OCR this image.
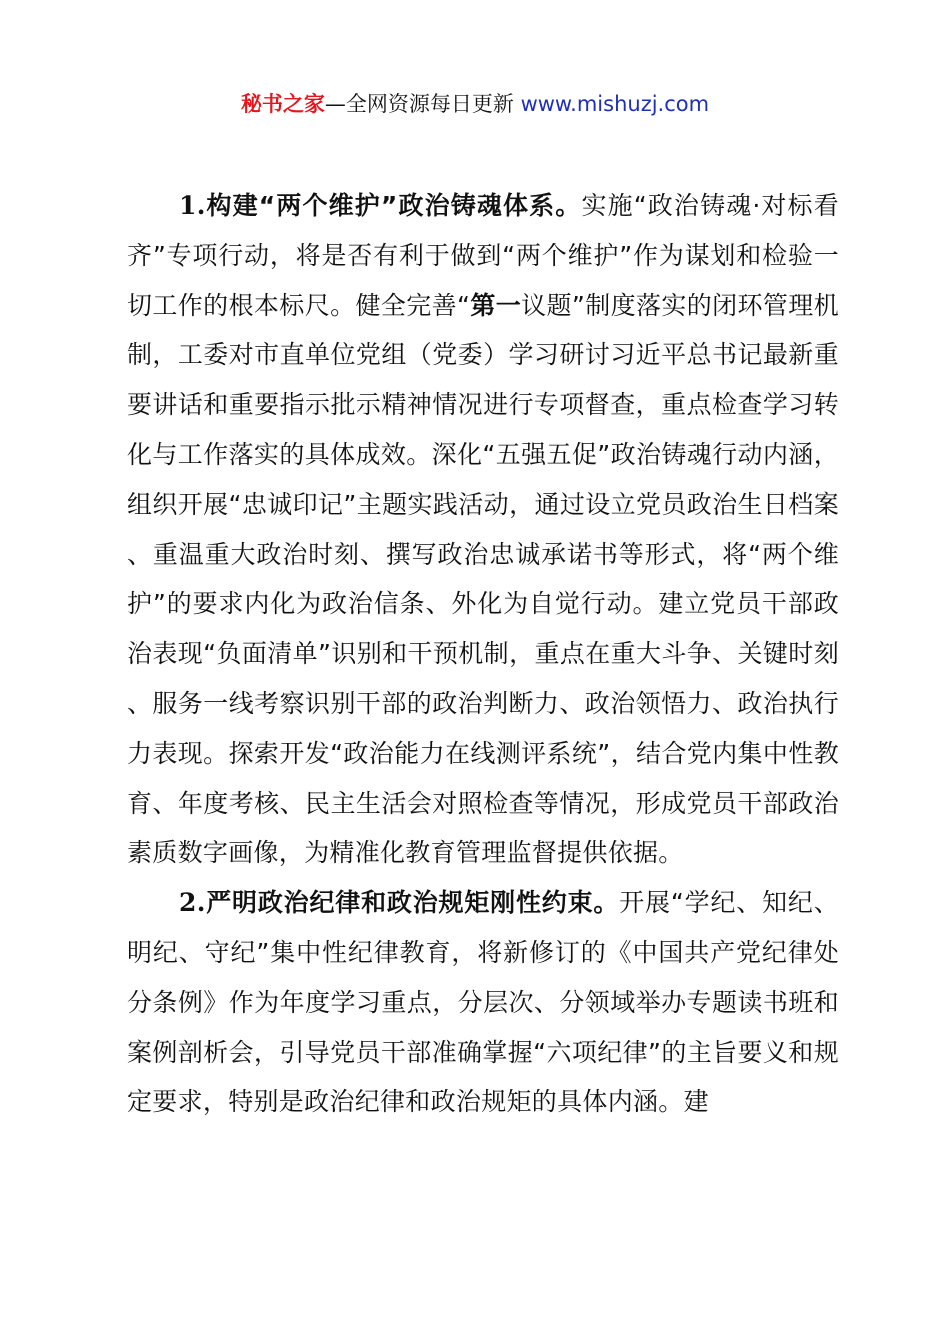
秘书之家—全网资源每日更新 www.mishuzj.com

1.构建“两个维护”政治铸魂体系。实施“政治铸魂·对标看齐”专项行动，将是否有利于做到“两个维护”作为谋划和检验一切工作的根本标尺。健全完善“第一议题”制度落实的闭环管理机制，工委对市直单位党组（党委）学习研讨习近平总书记最新重要讲话和重要指示批示精神情况进行专项督查，重点检查学习转化与工作落实的具体成效。深化“五强五促”政治铸魂行动内涵，组织开展“忠诚印记”主题实践活动，通过设立党员政治生日档案、重温重大政治时刻、撰写政治忠诚承诺书等形式，将“两个维护”的要求内化为政治信条、外化为自觉行动。建立党员干部政治表现“负面清单”识别和干预机制，重点在重大斗争、关键时刻、服务一线考察识别干部的政治判断力、政治领悟力、政治执行力表现。探索开发“政治能力在线测评系统”，结合党内集中性教育、年度考核、民主生活会对照检查等情况，形成党员干部政治素质数字画像，为精准化教育管理监督提供依据。

2.严明政治纪律和政治规矩刚性约束。开展“学纪、知纪、明纪、守纪”集中性纪律教育，将新修订的《中国共产党纪律处分条例》作为年度学习重点，分层次、分领域举办专题读书班和案例剖析会，引导党员干部准确掌握“六项纪律”的主旨要义和规定要求，特别是政治纪律和政治规矩的具体内涵。建
